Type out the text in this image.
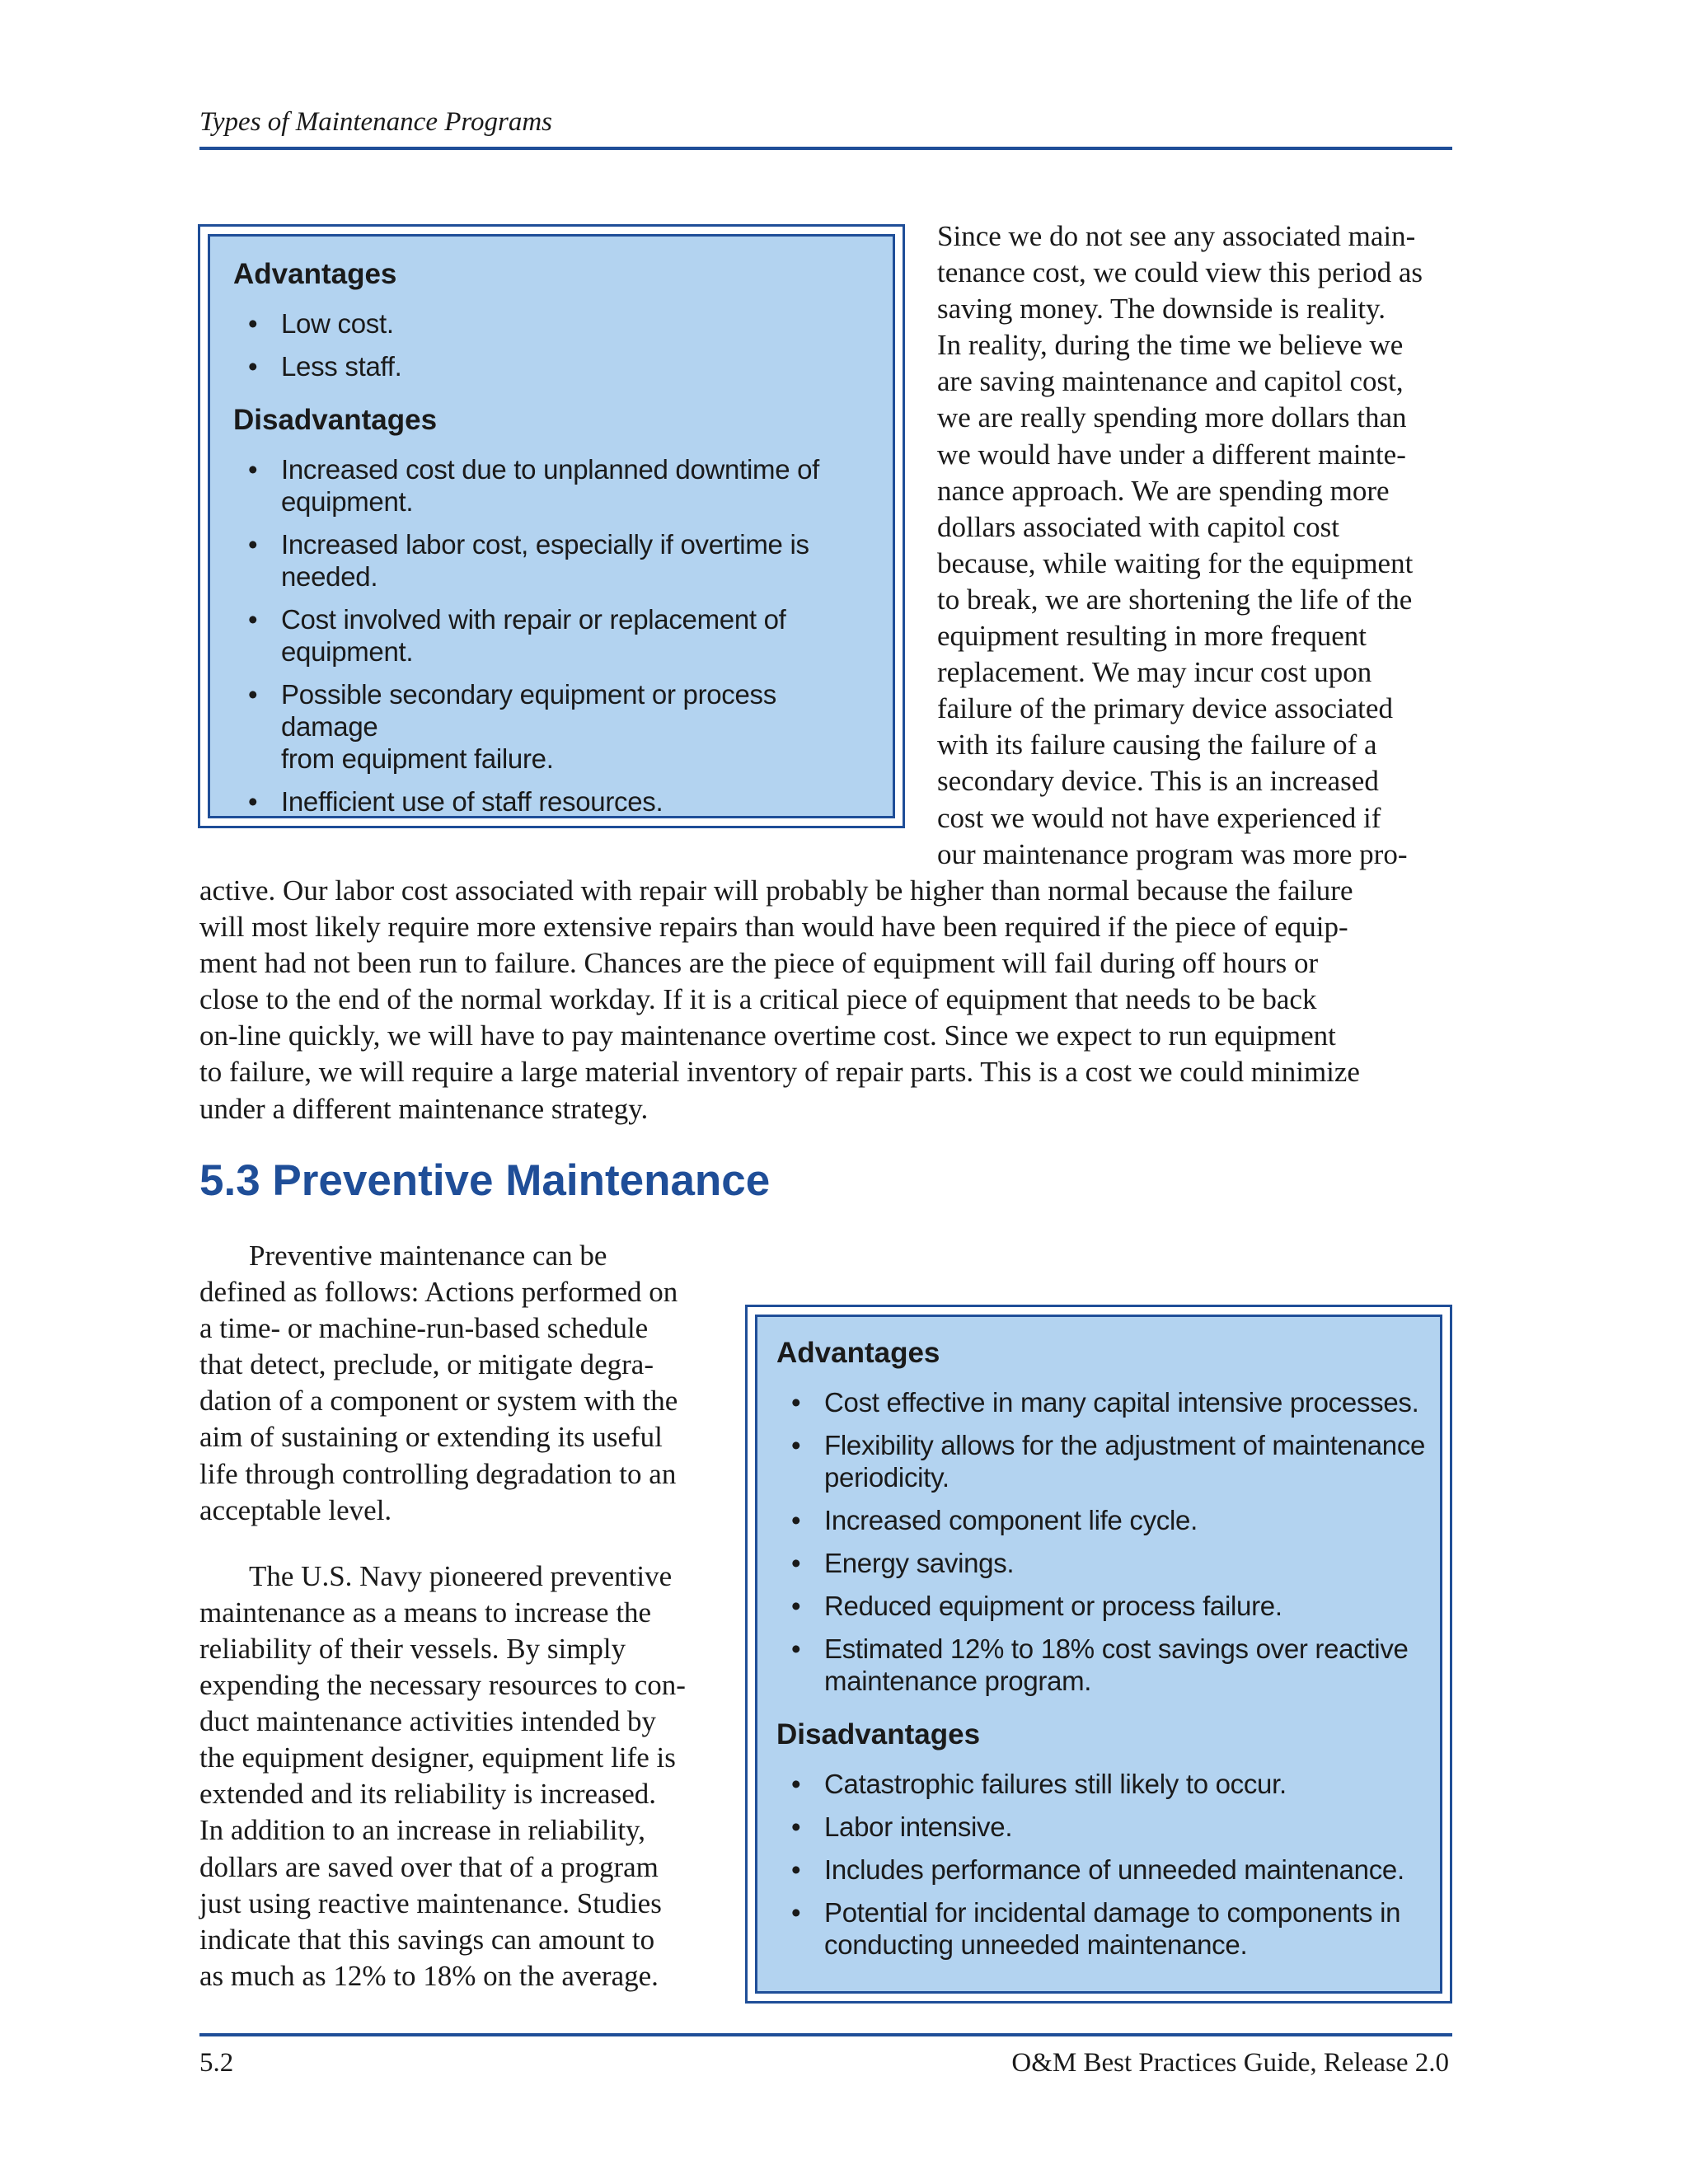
Types of Maintenance Programs
Advantages
• Low cost.
• Less staff.
Disadvantages
• Increased cost due to unplanned downtime of
equipment.
• Increased labor cost, especially if overtime is
needed.
• Cost involved with repair or replacement of
equipment.
• Possible secondary equipment or process damage
from equipment failure.
• Inefficient use of staff resources.
Since we do not see any associated main-
tenance cost, we could view this period as
saving money. The downside is reality.
In reality, during the time we believe we
are saving maintenance and capitol cost,
we are really spending more dollars than
we would have under a different mainte-
nance approach. We are spending more
dollars associated with capitol cost
because, while waiting for the equipment
to break, we are shortening the life of the
equipment resulting in more frequent
replacement. We may incur cost upon
failure of the primary device associated
with its failure causing the failure of a
secondary device. This is an increased
cost we would not have experienced if
our maintenance program was more pro-
active. Our labor cost associated with repair will probably be higher than normal because the failure
will most likely require more extensive repairs than would have been required if the piece of equip-
ment had not been run to failure. Chances are the piece of equipment will fail during off hours or
close to the end of the normal workday. If it is a critical piece of equipment that needs to be back
on-line quickly, we will have to pay maintenance overtime cost. Since we expect to run equipment
to failure, we will require a large material inventory of repair parts. This is a cost we could minimize
under a different maintenance strategy.
5.3 Preventive Maintenance
Preventive maintenance can be
defined as follows: Actions performed on
a time- or machine-run-based schedule
that detect, preclude, or mitigate degra-
dation of a component or system with the
aim of sustaining or extending its useful
life through controlling degradation to an
acceptable level.
The U.S. Navy pioneered preventive
maintenance as a means to increase the
reliability of their vessels. By simply
expending the necessary resources to con-
duct maintenance activities intended by
the equipment designer, equipment life is
extended and its reliability is increased.
In addition to an increase in reliability,
dollars are saved over that of a program
just using reactive maintenance. Studies
indicate that this savings can amount to
as much as 12% to 18% on the average.
Advantages
• Cost effective in many capital intensive processes.
• Flexibility allows for the adjustment of maintenance
periodicity.
• Increased component life cycle.
• Energy savings.
• Reduced equipment or process failure.
• Estimated 12% to 18% cost savings over reactive
maintenance program.
Disadvantages
• Catastrophic failures still likely to occur.
• Labor intensive.
• Includes performance of unneeded maintenance.
• Potential for incidental damage to components in
conducting unneeded maintenance.
5.2	O&M Best Practices Guide, Release 2.0
